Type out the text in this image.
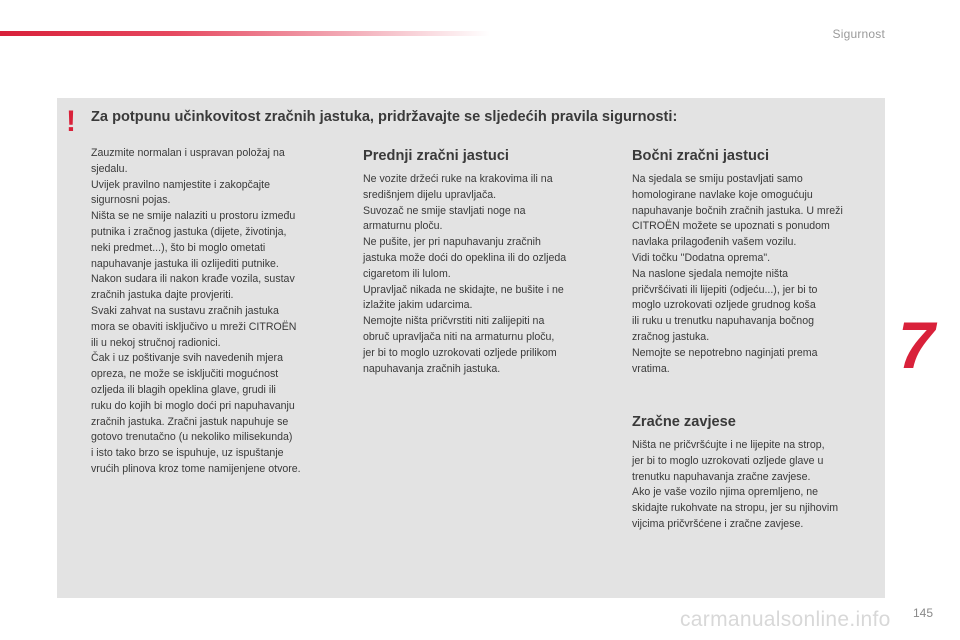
Sigurnost
7
! Za potpunu učinkovitost zračnih jastuka, pridržavajte se sljedećih pravila sigurnosti:

Zauzmite normalan i uspravan položaj na
sjedalu.
Uvijek pravilno namjestite i zakopčajte
sigurnosni pojas.
Ništa se ne smije nalaziti u prostoru između
putnika i zračnog jastuka (dijete, životinja,
neki predmet...), što bi moglo ometati
napuhavanje jastuka ili ozlijediti putnike.
Nakon sudara ili nakon krađe vozila, sustav
zračnih jastuka dajte provjeriti.
Svaki zahvat na sustavu zračnih jastuka
mora se obaviti isključivo u mreži CITROËN
ili u nekoj stručnoj radionici.
Čak i uz poštivanje svih navedenih mjera
opreza, ne može se isključiti mogućnost
ozljeda ili blagih opeklina glave, grudi ili
ruku do kojih bi moglo doći pri napuhavanju
zračnih jastuka. Zračni jastuk napuhuje se
gotovo trenutačno (u nekoliko milisekunda)
i isto tako brzo se ispuhuje, uz ispuštanje
vrućih plinova kroz tome namijenjene otvore.

Prednji zračni jastuci

Ne vozite držeći ruke na krakovima ili na
središnjem dijelu upravljača.
Suvozač ne smije stavljati noge na
armaturnu ploču.
Ne pušite, jer pri napuhavanju zračnih
jastuka može doći do opeklina ili do ozljeda
cigaretom ili lulom.
Upravljač nikada ne skidajte, ne bušite i ne
izlažite jakim udarcima.
Nemojte ništa pričvrstiti niti zalijepiti na
obruč upravljača niti na armaturnu ploču,
jer bi to moglo uzrokovati ozljede prilikom
napuhavanja zračnih jastuka.

Bočni zračni jastuci

Na sjedala se smiju postavljati samo
homologirane navlake koje omogućuju
napuhavanje bočnih zračnih jastuka. U mreži
CITROËN možete se upoznati s ponudom
navlaka prilagođenih vašem vozilu.
Vidi točku "Dodatna oprema".
Na naslone sjedala nemojte ništa
pričvršćivati ili lijepiti (odjeću...), jer bi to
moglo uzrokovati ozljede grudnog koša
ili ruku u trenutku napuhavanja bočnog
zračnog jastuka.
Nemojte se nepotrebno naginjati prema
vratima.

Zračne zavjese

Ništa ne pričvršćujte i ne lijepite na strop,
jer bi to moglo uzrokovati ozljede glave u
trenutku napuhavanja zračne zavjese.
Ako je vaše vozilo njima opremljeno, ne
skidajte rukohvate na stropu, jer su njihovim
vijcima pričvršćene i zračne zavjese.

carmanualsonline.info 145
